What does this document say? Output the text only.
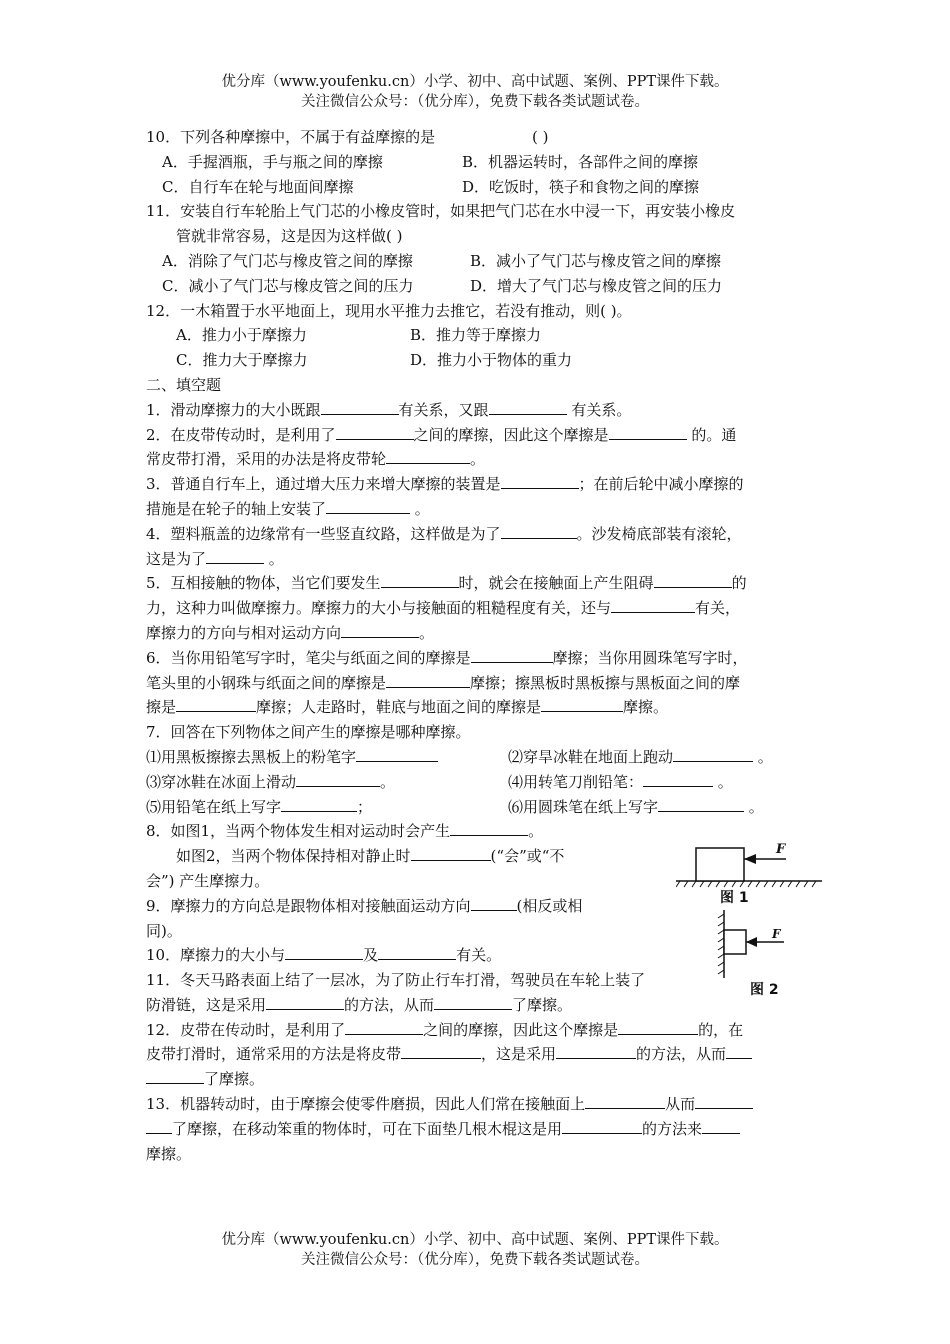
优分库（www.youfenku.cn）小学、初中、高中试题、案例、PPT课件下载。
关注微信公众号：（优分库），免费下载各类试题试卷。
10．下列各种摩擦中，不属于有益摩擦的是	( )
A．手握酒瓶，手与瓶之间的摩擦	B．机器运转时，各部件之间的摩擦
C．自行车在轮与地面间摩擦	D．吃饭时，筷子和食物之间的摩擦
11．安装自行车轮胎上气门芯的小橡皮管时，如果把气门芯在水中浸一下，再安装小橡皮
管就非常容易，这是因为这样做( )
A．消除了气门芯与橡皮管之间的摩擦	B．减小了气门芯与橡皮管之间的摩擦
C．减小了气门芯与橡皮管之间的压力	D．增大了气门芯与橡皮管之间的压力
12．一木箱置于水平地面上，现用水平推力去推它，若没有推动，则( )。
A．推力小于摩擦力	B．推力等于摩擦力
C．推力大于摩擦力	D．推力小于物体的重力
二、填空题
1．滑动摩擦力的大小既跟	有关系，又跟	有关系。
2．在皮带传动时，是利用了	之间的摩擦，因此这个摩擦是	的。通
常皮带打滑，采用的办法是将皮带轮	。
3．普通自行车上，通过增大压力来增大摩擦的装置是	；在前后轮中减小摩擦的
措施是在轮子的轴上安装了	。
4．塑料瓶盖的边缘常有一些竖直纹路，这样做是为了	。沙发椅底部装有滚轮，
这是为了	。
5．互相接触的物体，当它们要发生	时，就会在接触面上产生阻碍	的
力，这种力叫做摩擦力。摩擦力的大小与接触面的粗糙程度有关，还与	有关，
摩擦力的方向与相对运动方向	。
6．当你用铅笔写字时，笔尖与纸面之间的摩擦是	摩擦；当你用圆珠笔写字时，
笔头里的小钢珠与纸面之间的摩擦是	摩擦；擦黑板时黑板擦与黑板面之间的摩
擦是	摩擦；人走路时，鞋底与地面之间的摩擦是	摩擦。
7．回答在下列物体之间产生的摩擦是哪种摩擦。
⑴用黑板擦擦去黑板上的粉笔字	⑵穿旱冰鞋在地面上跑动	。
⑶穿冰鞋在冰面上滑动	。	⑷用转笔刀削铅笔：	。
⑸用铅笔在纸上写字	；	⑹用圆珠笔在纸上写字	。
8．如图1，当两个物体发生相对运动时会产生	。
如图2，当两个物体保持相对静止时	(“会”或“不
会”) 产生摩擦力。
9．摩擦力的方向总是跟物体相对接触面运动方向	(相反或相
同)。
10．摩擦力的大小与	及	有关。
11．冬天马路表面上结了一层冰，为了防止行车打滑，驾驶员在车轮上装了
防滑链，这是采用	的方法，从而	了摩擦。
12．皮带在传动时，是利用了	之间的摩擦，因此这个摩擦是	的，在
皮带打滑时，通常采用的方法是将皮带	，这是采用	的方法，从而
了摩擦。
13．机器转动时，由于摩擦会使零件磨损，因此人们常在接触面上	从而
了摩擦，在移动笨重的物体时，可在下面垫几根木棍这是用	的方法来
摩擦。
F
图 1
F
图 2
优分库（www.youfenku.cn）小学、初中、高中试题、案例、PPT课件下载。
关注微信公众号：（优分库），免费下载各类试题试卷。
